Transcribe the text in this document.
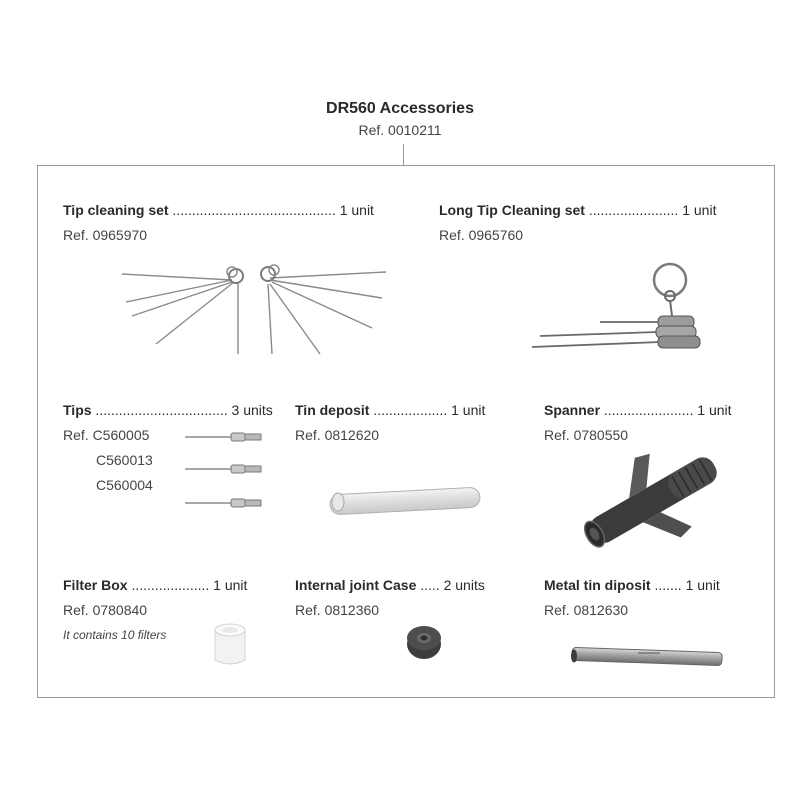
DR560 Accessories
Ref. 0010211
Tip cleaning set .......................................... 1 unit
Ref. 0965970
Long Tip Cleaning set ....................... 1 unit
Ref. 0965760
Tips .................................. 3 units
Ref. C560005
C560013
C560004
Tin deposit ................... 1 unit
Ref. 0812620
Spanner ....................... 1 unit
Ref. 0780550
Filter Box .................... 1 unit
Ref. 0780840
It contains 10 filters
Internal joint Case ..... 2 units
Ref. 0812360
Metal tin diposit ....... 1 unit
Ref. 0812630
